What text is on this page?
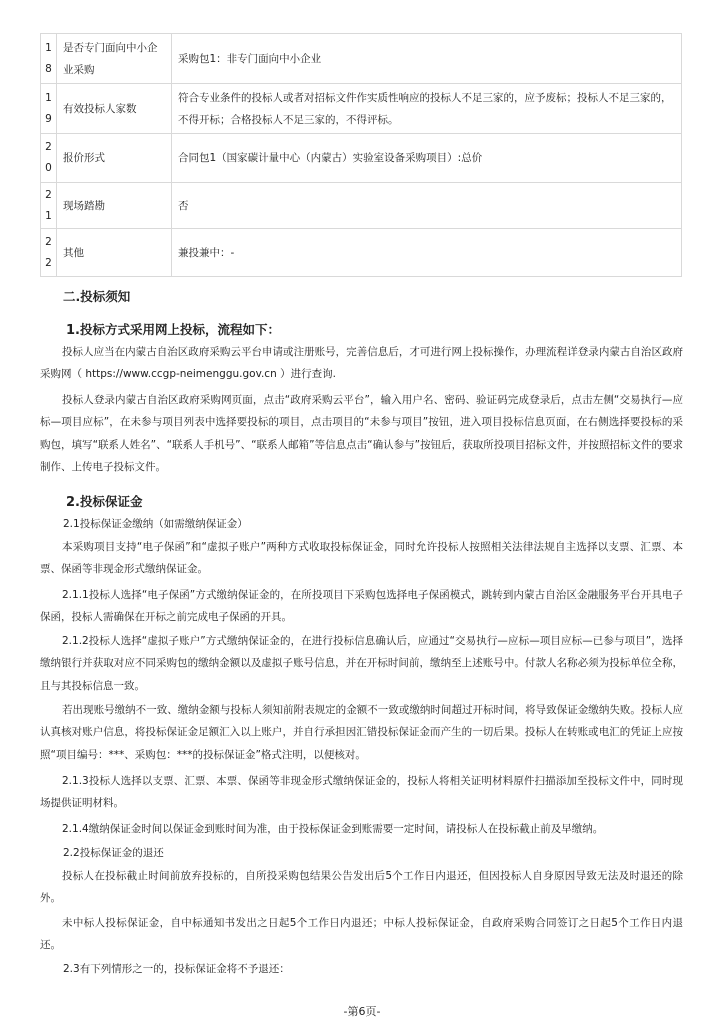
1
8	是否专门面向中小企业采购	采购包1：非专门面向中小企业

1
9	有效投标人家数	符合专业条件的投标人或者对招标文件作实质性响应的投标人不足三家的，应予废标；投标人不足三家的，不得开标；合格投标人不足三家的，不得评标。

2
0	报价形式	合同包1（国家碳计量中心（内蒙古）实验室设备采购项目）:总价

2
1	现场踏勘	否

2
2	其他	兼投兼中：-
二.投标须知
1.投标方式采用网上投标，流程如下：

投标人应当在内蒙古自治区政府采购云平台申请或注册账号，完善信息后，才可进行网上投标操作，办理流程详登录内蒙古自治区政府采购网（ https://www.ccgp-neimenggu.gov.cn ）进行查询.

投标人登录内蒙古自治区政府采购网页面，点击“政府采购云平台”，输入用户名、密码、验证码完成登录后，点击左侧“交易执行—应标—项目应标”，在未参与项目列表中选择要投标的项目，点击项目的“未参与项目”按钮，进入项目投标信息页面，在右侧选择要投标的采购包，填写“联系人姓名”、“联系人手机号”、“联系人邮箱”等信息点击“确认参与”按钮后，获取所投项目招标文件，并按照招标文件的要求制作、上传电子投标文件。

2.投标保证金

2.1投标保证金缴纳（如需缴纳保证金）

本采购项目支持“电子保函”和“虚拟子账户”两种方式收取投标保证金，同时允许投标人按照相关法律法规自主选择以支票、汇票、本票、保函等非现金形式缴纳保证金。

2.1.1投标人选择“电子保函”方式缴纳保证金的，在所投项目下采购包选择电子保函模式，跳转到内蒙古自治区金融服务平台开具电子保函，投标人需确保在开标之前完成电子保函的开具。

2.1.2投标人选择“虚拟子账户”方式缴纳保证金的，在进行投标信息确认后，应通过“交易执行—应标—项目应标—已参与项目”，选择缴纳银行并获取对应不同采购包的缴纳金额以及虚拟子账号信息，并在开标时间前，缴纳至上述账号中。付款人名称必须为投标单位全称，且与其投标信息一致。

若出现账号缴纳不一致、缴纳金额与投标人须知前附表规定的金额不一致或缴纳时间超过开标时间，将导致保证金缴纳失败。投标人应认真核对账户信息，将投标保证金足额汇入以上账户，并自行承担因汇错投标保证金而产生的一切后果。投标人在转账或电汇的凭证上应按照“项目编号：***、采购包：***的投标保证金”格式注明，以便核对。

2.1.3投标人选择以支票、汇票、本票、保函等非现金形式缴纳保证金的，投标人将相关证明材料原件扫描添加至投标文件中，同时现场提供证明材料。

2.1.4缴纳保证金时间以保证金到账时间为准，由于投标保证金到账需要一定时间，请投标人在投标截止前及早缴纳。

2.2投标保证金的退还

投标人在投标截止时间前放弃投标的，自所投采购包结果公告发出后5个工作日内退还，但因投标人自身原因导致无法及时退还的除外。

未中标人投标保证金，自中标通知书发出之日起5个工作日内退还；中标人投标保证金，自政府采购合同签订之日起5个工作日内退还。

2.3有下列情形之一的，投标保证金将不予退还：

-第6页-
